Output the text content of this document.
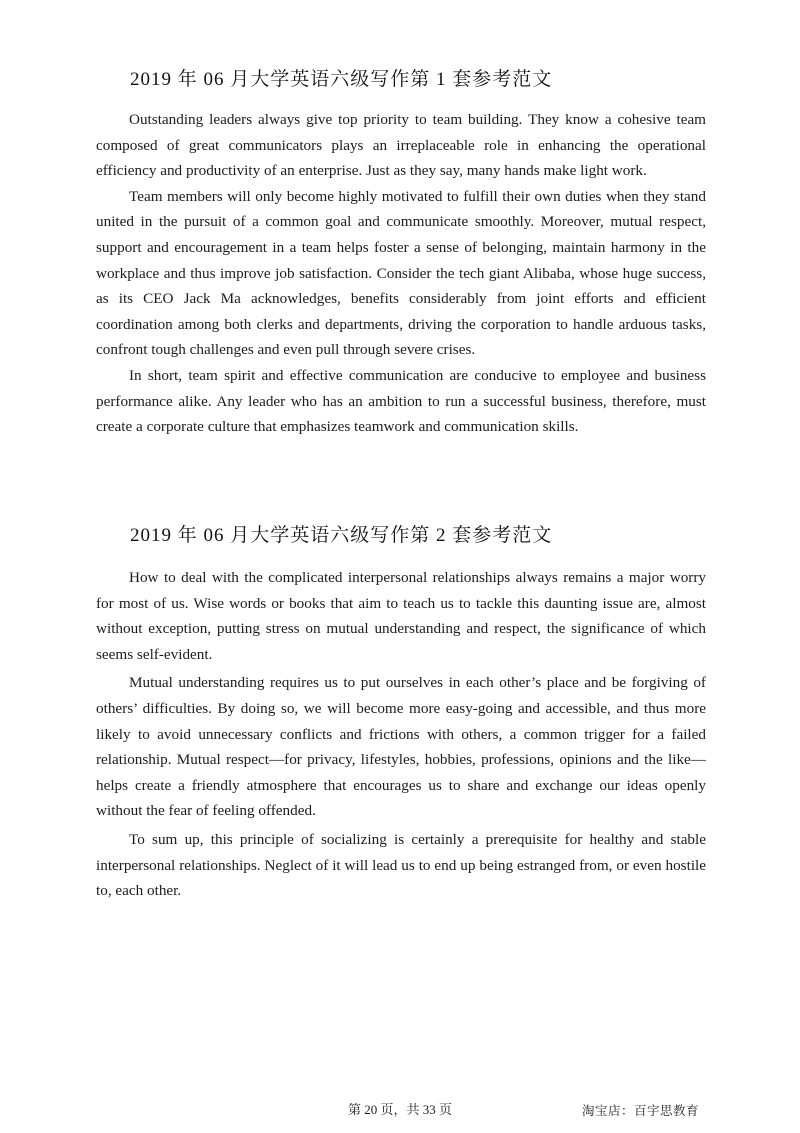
2019 年 06 月大学英语六级写作第 1 套参考范文

Outstanding leaders always give top priority to team building. They know a cohesive team composed of great communicators plays an irreplaceable role in enhancing the operational efficiency and productivity of an enterprise. Just as they say, many hands make light work.

Team members will only become highly motivated to fulfill their own duties when they stand united in the pursuit of a common goal and communicate smoothly. Moreover, mutual respect, support and encouragement in a team helps foster a sense of belonging, maintain harmony in the workplace and thus improve job satisfaction. Consider the tech giant Alibaba, whose huge success, as its CEO Jack Ma acknowledges, benefits considerably from joint efforts and efficient coordination among both clerks and departments, driving the corporation to handle arduous tasks, confront tough challenges and even pull through severe crises.

In short, team spirit and effective communication are conducive to employee and business performance alike. Any leader who has an ambition to run a successful business, therefore, must create a corporate culture that emphasizes teamwork and communication skills.

2019 年 06 月大学英语六级写作第 2 套参考范文

How to deal with the complicated interpersonal relationships always remains a major worry for most of us. Wise words or books that aim to teach us to tackle this daunting issue are, almost without exception, putting stress on mutual understanding and respect, the significance of which seems self-evident.

Mutual understanding requires us to put ourselves in each other’s place and be forgiving of others’ difficulties. By doing so, we will become more easy-going and accessible, and thus more likely to avoid unnecessary conflicts and frictions with others, a common trigger for a failed relationship. Mutual respect—for privacy, lifestyles, hobbies, professions, opinions and the like—helps create a friendly atmosphere that encourages us to share and exchange our ideas openly without the fear of feeling offended.

To sum up, this principle of socializing is certainly a prerequisite for healthy and stable interpersonal relationships. Neglect of it will lead us to end up being estranged from, or even hostile to, each other.

第 20 页，共 33 页	淘宝店：百宇思教育
